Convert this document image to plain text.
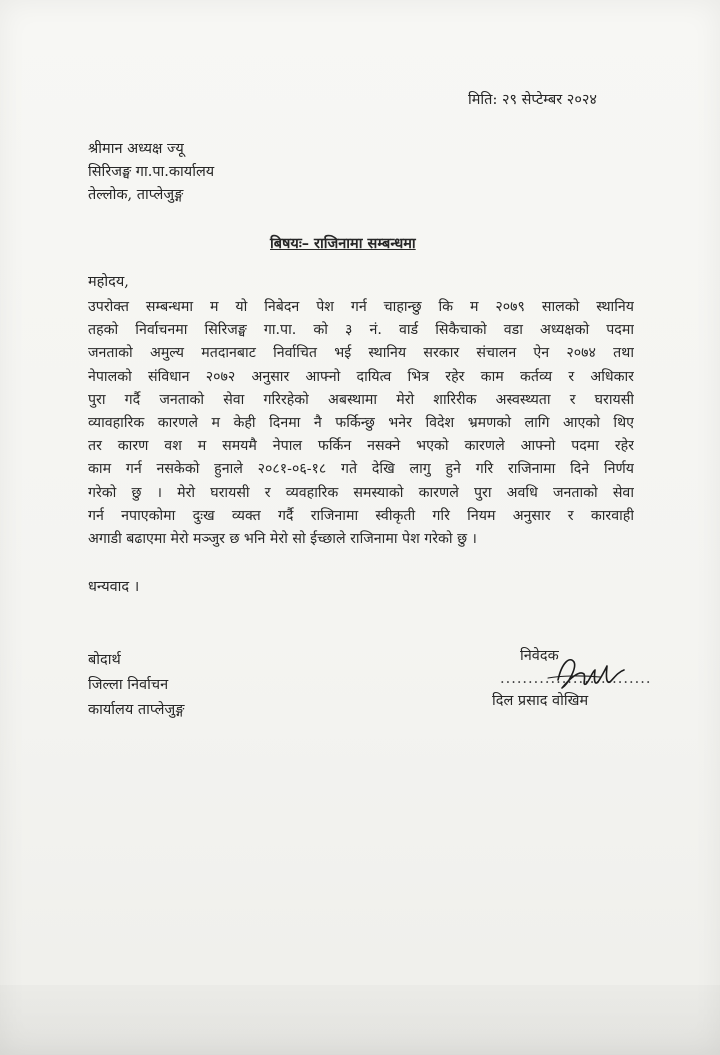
मिति: २९ सेप्टेम्बर २०२४
श्रीमान अध्यक्ष ज्यू
सिरिजङ्घ गा.पा.कार्यालय
तेल्लोक, ताप्लेजुङ्ग
बिषयः– राजिनामा सम्बन्धमा
महोदय,
उपरोक्त सम्बन्धमा म यो निबेदन पेश गर्न चाहान्छु कि म २०७९ सालको स्थानिय
तहको निर्वाचनमा सिरिजङ्घ गा.पा. को ३ नं. वार्ड सिकैचाको वडा अध्यक्षको पदमा
जनताको अमुल्य मतदानबाट निर्वाचित भई स्थानिय सरकार संचालन ऐन २०७४ तथा
नेपालको संविधान २०७२ अनुसार आफ्नो दायित्व भित्र रहेर काम कर्तव्य र अधिकार
पुरा गर्दै जनताको सेवा गरिरहेको अबस्थामा मेरो शारिरीक अस्वस्थ्यता र घरायसी
व्यावहारिक कारणले म केही दिनमा नै फर्किन्छु भनेर विदेश भ्रमणको लागि आएको थिए
तर कारण वश म समयमै नेपाल फर्किन नसक्ने भएको कारणले आफ्नो पदमा रहेर
काम गर्न नसकेको हुनाले २०८१-०६-१८ गते देखि लागु हुने गरि राजिनामा दिने निर्णय
गरेको छु । मेरो घरायसी र व्यवहारिक समस्याको कारणले पुरा अवधि जनताको सेवा
गर्न नपाएकोमा दुःख व्यक्त गर्दै राजिनामा स्वीकृती गरि नियम अनुसार र कारवाही
अगाडी बढाएमा मेरो मञ्जुर छ भनि मेरो सो ईच्छाले राजिनामा पेश गरेको छु ।
धन्यवाद ।
बोदार्थ
जिल्ला निर्वाचन
कार्यालय ताप्लेजुङ्ग
निवेदक
...........................
दिल प्रसाद वोखिम
